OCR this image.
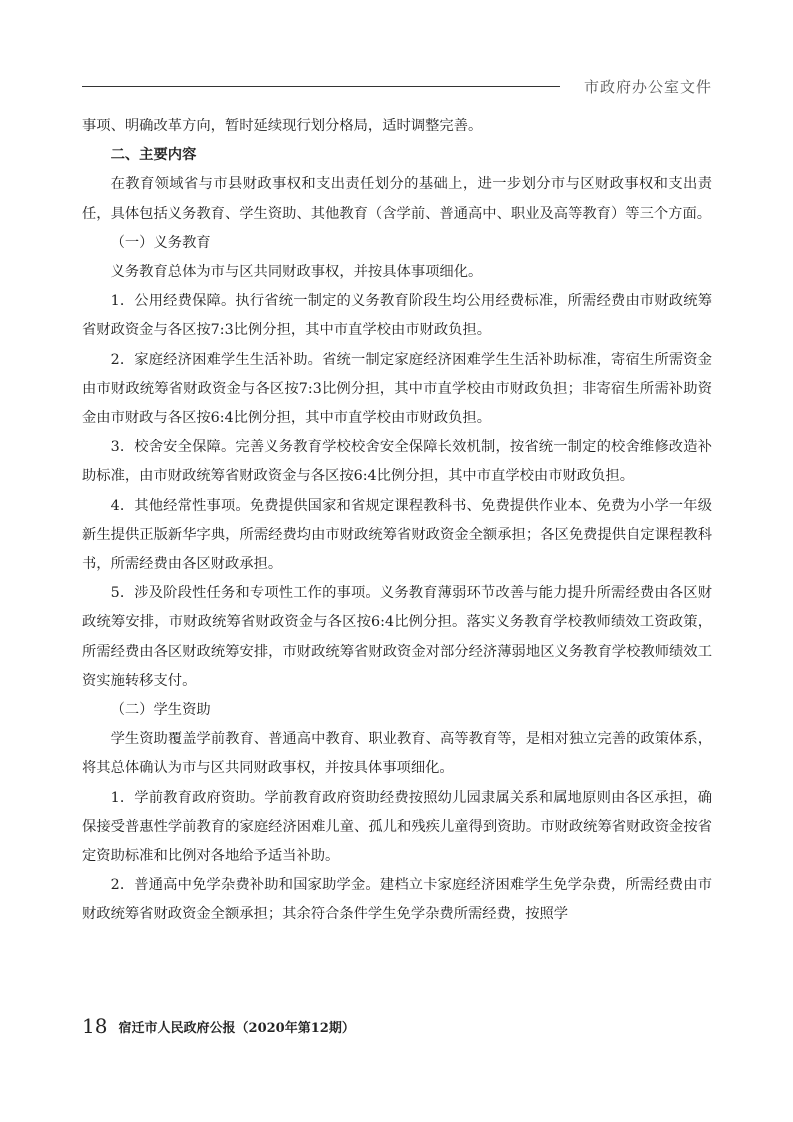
市政府办公室文件

事项、明确改革方向，暂时延续现行划分格局，适时调整完善。

二、主要内容

在教育领域省与市县财政事权和支出责任划分的基础上，进一步划分市与区财政事权和支出责任，具体包括义务教育、学生资助、其他教育（含学前、普通高中、职业及高等教育）等三个方面。

（一）义务教育

义务教育总体为市与区共同财政事权，并按具体事项细化。

1．公用经费保障。执行省统一制定的义务教育阶段生均公用经费标准，所需经费由市财政统筹省财政资金与各区按7:3比例分担，其中市直学校由市财政负担。

2．家庭经济困难学生生活补助。省统一制定家庭经济困难学生生活补助标准，寄宿生所需资金由市财政统筹省财政资金与各区按7:3比例分担，其中市直学校由市财政负担；非寄宿生所需补助资金由市财政与各区按6:4比例分担，其中市直学校由市财政负担。

3．校舍安全保障。完善义务教育学校校舍安全保障长效机制，按省统一制定的校舍维修改造补助标准，由市财政统筹省财政资金与各区按6:4比例分担，其中市直学校由市财政负担。

4．其他经常性事项。免费提供国家和省规定课程教科书、免费提供作业本、免费为小学一年级新生提供正版新华字典，所需经费均由市财政统筹省财政资金全额承担；各区免费提供自定课程教科书，所需经费由各区财政承担。

5．涉及阶段性任务和专项性工作的事项。义务教育薄弱环节改善与能力提升所需经费由各区财政统筹安排，市财政统筹省财政资金与各区按6:4比例分担。落实义务教育学校教师绩效工资政策，所需经费由各区财政统筹安排，市财政统筹省财政资金对部分经济薄弱地区义务教育学校教师绩效工资实施转移支付。

（二）学生资助

学生资助覆盖学前教育、普通高中教育、职业教育、高等教育等，是相对独立完善的政策体系，将其总体确认为市与区共同财政事权，并按具体事项细化。

1．学前教育政府资助。学前教育政府资助经费按照幼儿园隶属关系和属地原则由各区承担，确保接受普惠性学前教育的家庭经济困难儿童、孤儿和残疾儿童得到资助。市财政统筹省财政资金按省定资助标准和比例对各地给予适当补助。

2．普通高中免学杂费补助和国家助学金。建档立卡家庭经济困难学生免学杂费，所需经费由市财政统筹省财政资金全额承担；其余符合条件学生免学杂费所需经费，按照学

18 宿迁市人民政府公报（2020年第12期）
